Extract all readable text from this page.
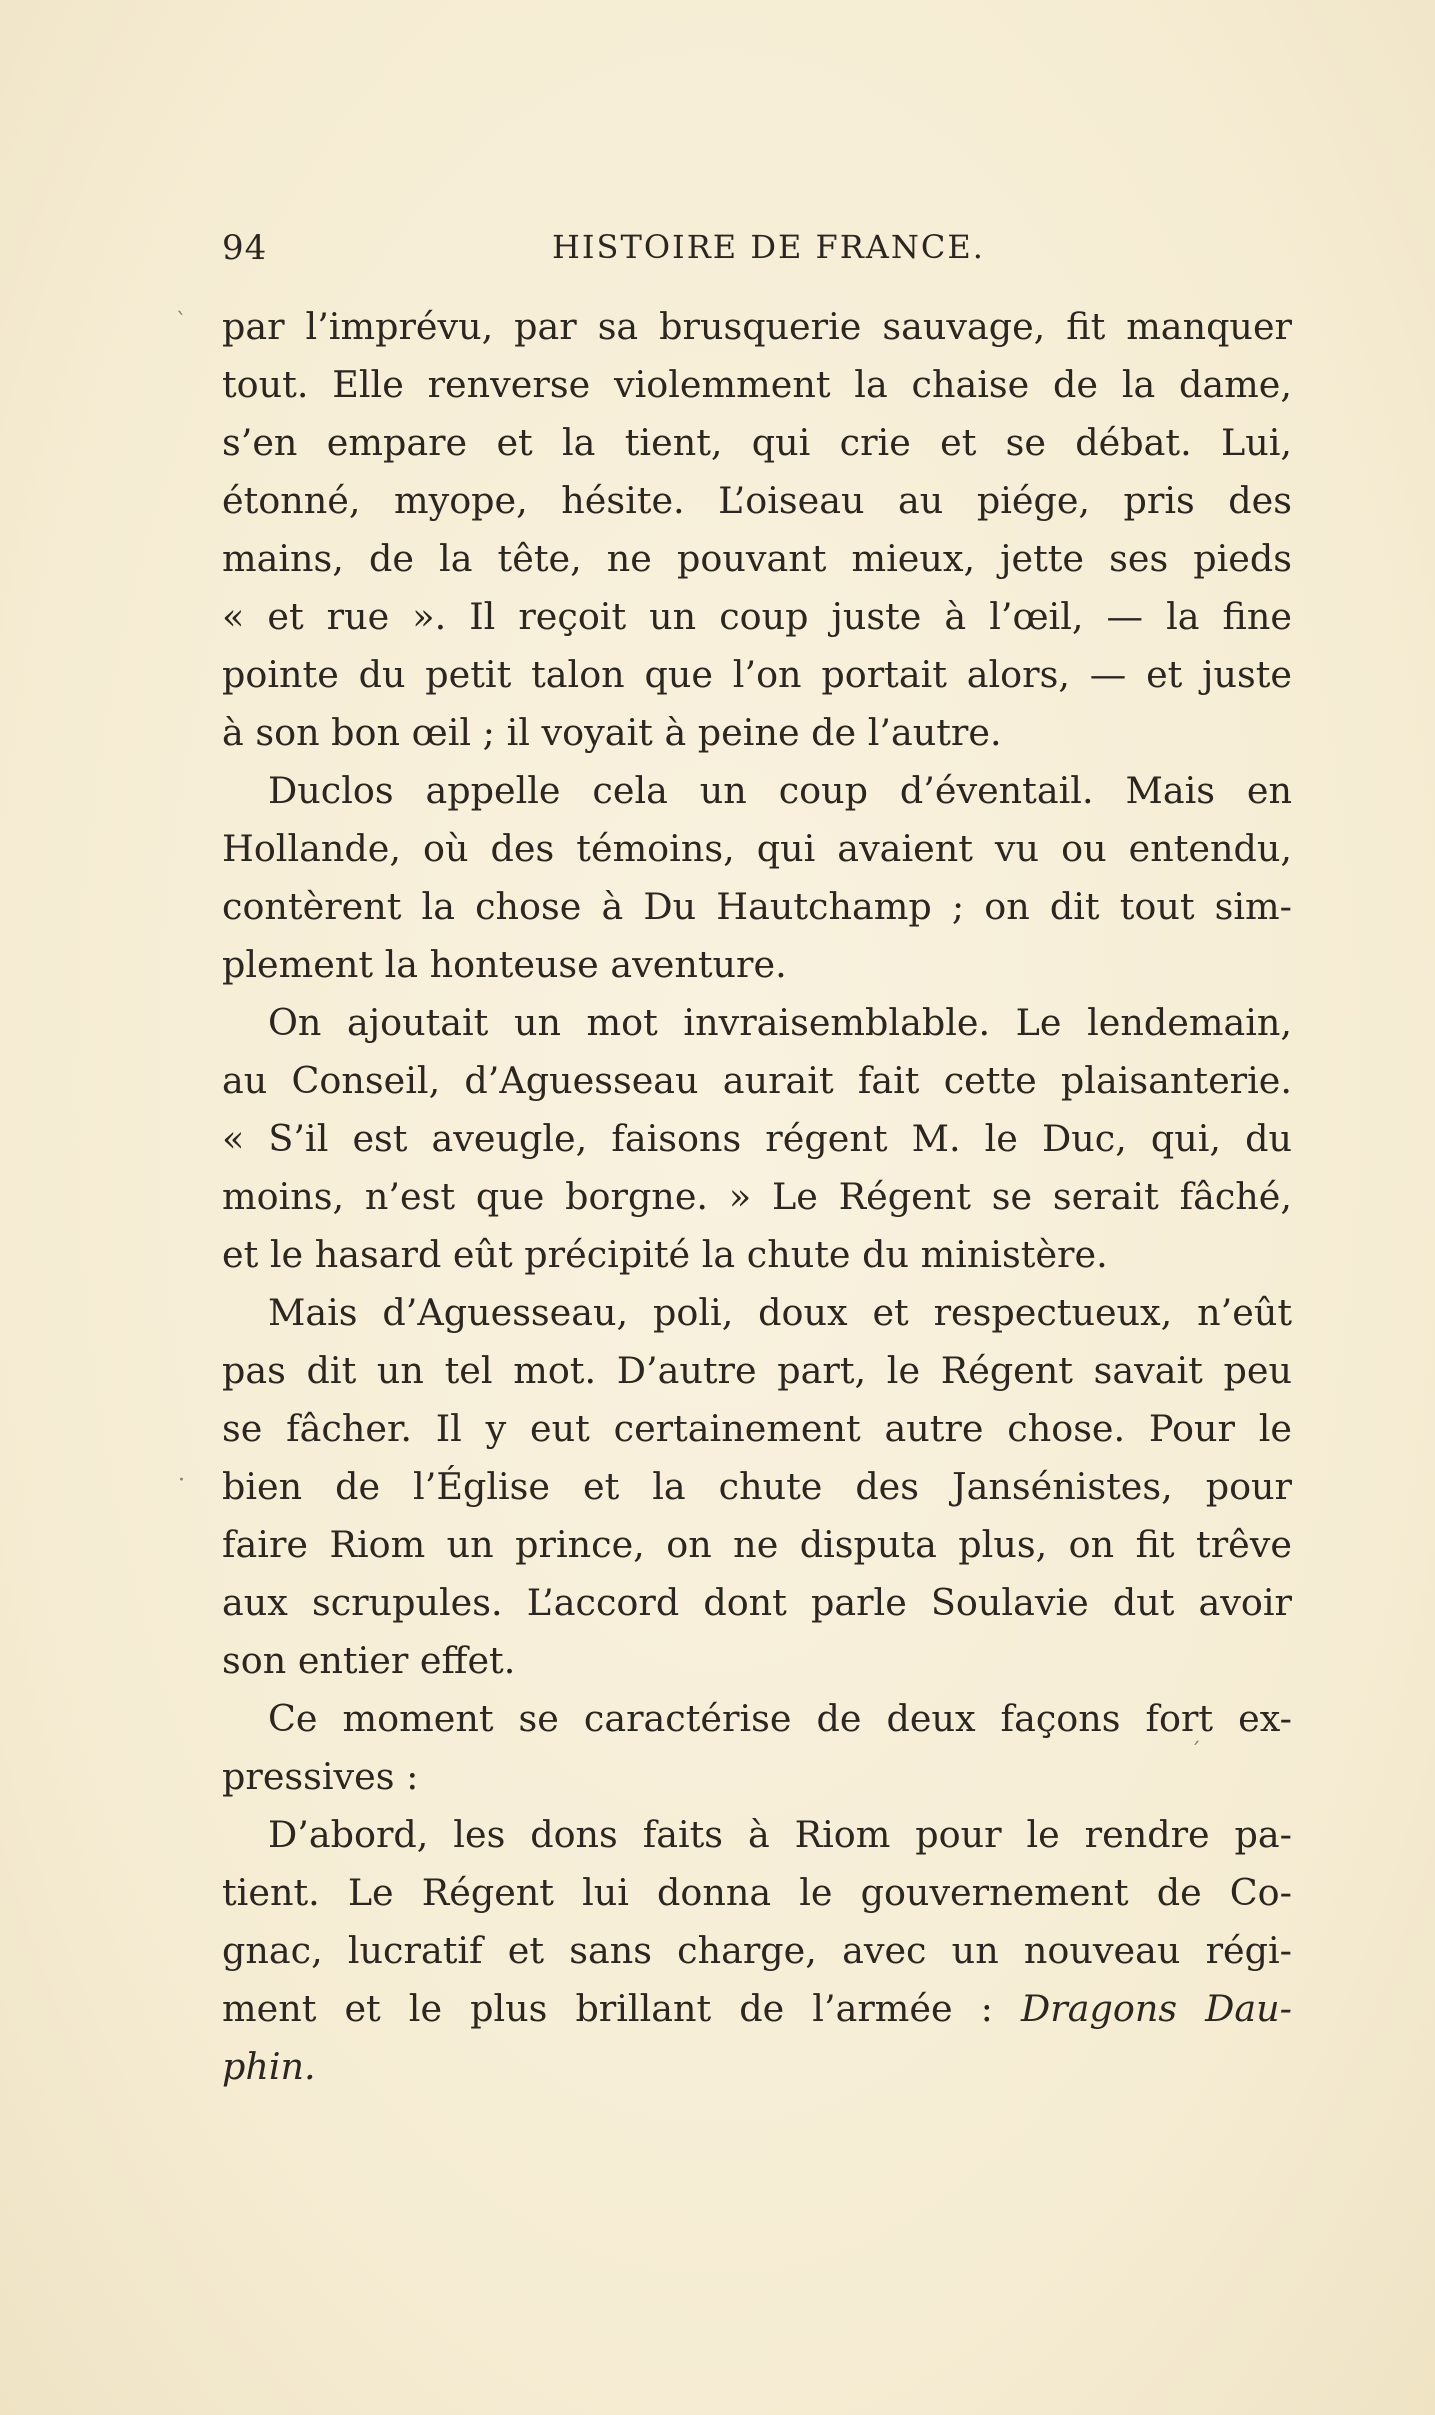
94	HISTOIRE DE FRANCE.
ˋ par l’imprévu, par sa brusquerie sauvage, fit manquer
tout. Elle renverse violemment la chaise de la dame,
s’en empare et la tient, qui crie et se débat. Lui,
étonné, myope, hésite. L’oiseau au piége, pris des
mains, de la tête, ne pouvant mieux, jette ses pieds
« et rue ». Il reçoit un coup juste à l’œil, — la fine
pointe du petit talon que l’on portait alors, — et juste
à son bon œil ; il voyait à peine de l’autre.
Duclos appelle cela un coup d’éventail. Mais en
Hollande, où des témoins, qui avaient vu ou entendu,
contèrent la chose à Du Hautchamp ; on dit tout sim-
plement la honteuse aventure.
On ajoutait un mot invraisemblable. Le lendemain,
au Conseil, d’Aguesseau aurait fait cette plaisanterie.
« S’il est aveugle, faisons régent M. le Duc, qui, du
moins, n’est que borgne. » Le Régent se serait fâché,
et le hasard eût précipité la chute du ministère.
Mais d’Aguesseau, poli, doux et respectueux, n’eût
pas dit un tel mot. D’autre part, le Régent savait peu
se fâcher. Il y eut certainement autre chose. Pour le
bien de l’Église et la chute des Jansénistes, pour
faire Riom un prince, on ne disputa plus, on fit trêve
aux scrupules. L’accord dont parle Soulavie dut avoir
son entier effet.
Ce moment se caractérise de deux façons fort ex-
pressives :
D’abord, les dons faits à Riom pour le rendre pa-
tient. Le Régent lui donna le gouvernement de Co-
gnac, lucratif et sans charge, avec un nouveau régi-
ment et le plus brillant de l’armée : Dragons Dau-
phin.
·
ˊ
